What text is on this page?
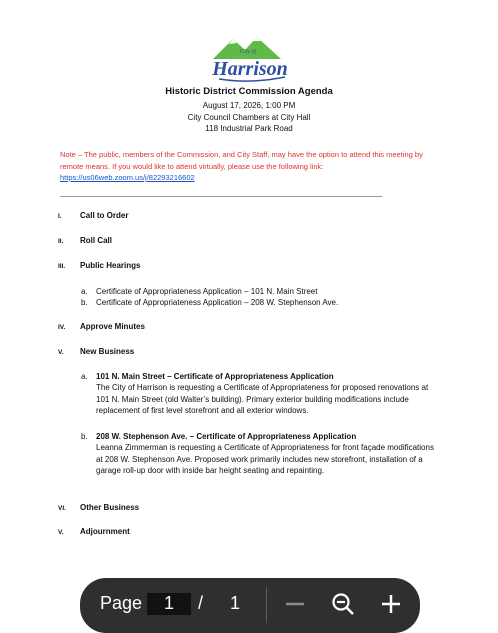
Harrison
City of
Historic District Commission Agenda
August 17, 2026, 1:00 PM
City Council Chambers at City Hall
118 Industrial Park Road
Note – The public, members of the Commission, and City Staff, may have the option to attend this meeting by remote means. If you would like to attend virtually, please use the following link:
https://us06web.zoom.us/j/82293216602
I. Call to Order
II. Roll Call
III. Public Hearings
a. Certificate of Appropriateness Application – 101 N. Main Street
b. Certificate of Appropriateness Application – 208 W. Stephenson Ave.
IV. Approve Minutes
V. New Business
a. 101 N. Main Street – Certificate of Appropriateness Application
The City of Harrison is requesting a Certificate of Appropriateness for proposed renovations at 101 N. Main Street (old Walter’s building). Primary exterior building modifications include replacement of first level storefront and all exterior windows.
b. 208 W. Stephenson Ave. – Certificate of Appropriateness Application
Leanna Zimmerman is requesting a Certificate of Appropriateness for front façade modifications at 208 W. Stephenson Ave. Proposed work primarily includes new storefront, installation of a garage roll-up door with inside bar height seating and repainting.
VI. Other Business
V. Adjournment
Page	1	/ 1
